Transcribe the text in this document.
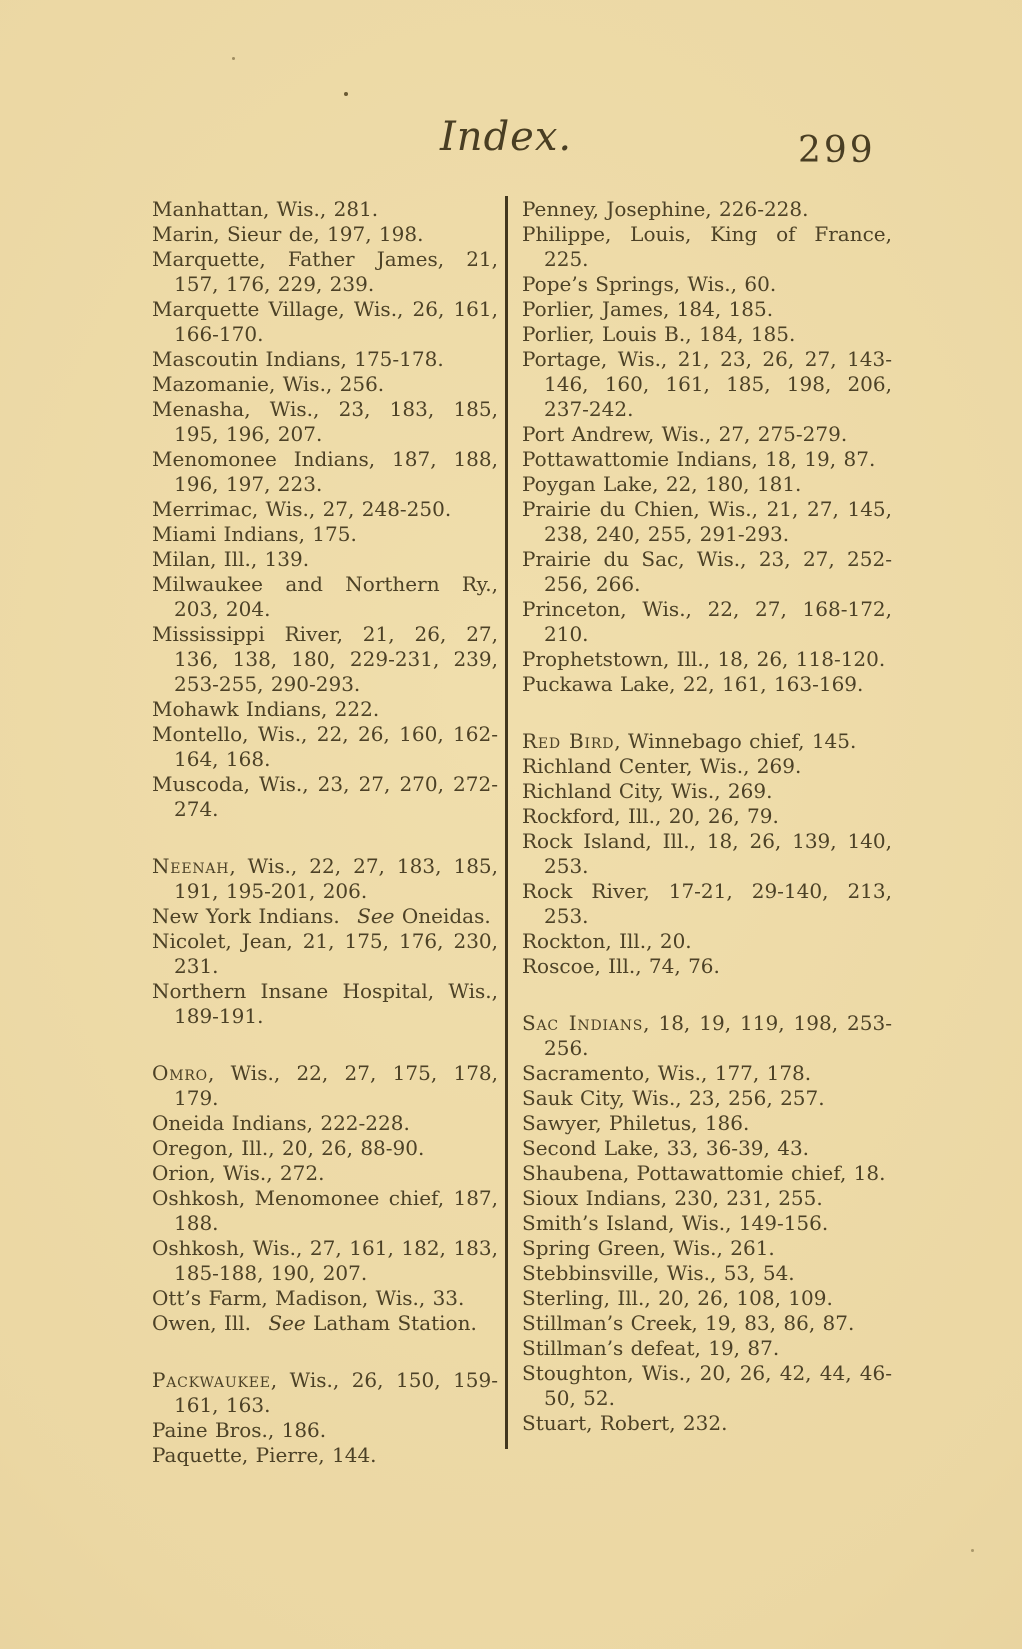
Index.	299
Manhattan, Wis., 281.
Marin, Sieur de, 197, 198.
Marquette, Father James, 21, 157, 176, 229, 239.
Marquette Village, Wis., 26, 161, 166-170.
Mascoutin Indians, 175-178.
Mazomanie, Wis., 256.
Menasha, Wis., 23, 183, 185, 195, 196, 207.
Menomonee Indians, 187, 188, 196, 197, 223.
Merrimac, Wis., 27, 248-250.
Miami Indians, 175.
Milan, Ill., 139.
Milwaukee and Northern Ry., 203, 204.
Mississippi River, 21, 26, 27, 136, 138, 180, 229-231, 239, 253-255, 290-293.
Mohawk Indians, 222.
Montello, Wis., 22, 26, 160, 162-164, 168.
Muscoda, Wis., 23, 27, 270, 272-274.
Neenah, Wis., 22, 27, 183, 185, 191, 195-201, 206.
New York Indians.  See Oneidas.
Nicolet, Jean, 21, 175, 176, 230, 231.
Northern Insane Hospital, Wis., 189-191.
Omro, Wis., 22, 27, 175, 178, 179.
Oneida Indians, 222-228.
Oregon, Ill., 20, 26, 88-90.
Orion, Wis., 272.
Oshkosh, Menomonee chief, 187, 188.
Oshkosh, Wis., 27, 161, 182, 183, 185-188, 190, 207.
Ott’s Farm, Madison, Wis., 33.
Owen, Ill.  See Latham Station.
Packwaukee, Wis., 26, 150, 159-161, 163.
Paine Bros., 186.
Paquette, Pierre, 144.
Penney, Josephine, 226-228.
Philippe, Louis, King of France, 225.
Pope’s Springs, Wis., 60.
Porlier, James, 184, 185.
Porlier, Louis B., 184, 185.
Portage, Wis., 21, 23, 26, 27, 143-146, 160, 161, 185, 198, 206, 237-242.
Port Andrew, Wis., 27, 275-279.
Pottawattomie Indians, 18, 19, 87.
Poygan Lake, 22, 180, 181.
Prairie du Chien, Wis., 21, 27, 145, 238, 240, 255, 291-293.
Prairie du Sac, Wis., 23, 27, 252-256, 266.
Princeton, Wis., 22, 27, 168-172, 210.
Prophetstown, Ill., 18, 26, 118-120.
Puckawa Lake, 22, 161, 163-169.
Red Bird, Winnebago chief, 145.
Richland Center, Wis., 269.
Richland City, Wis., 269.
Rockford, Ill., 20, 26, 79.
Rock Island, Ill., 18, 26, 139, 140, 253.
Rock River, 17-21, 29-140, 213, 253.
Rockton, Ill., 20.
Roscoe, Ill., 74, 76.
Sac Indians, 18, 19, 119, 198, 253-256.
Sacramento, Wis., 177, 178.
Sauk City, Wis., 23, 256, 257.
Sawyer, Philetus, 186.
Second Lake, 33, 36-39, 43.
Shaubena, Pottawattomie chief, 18.
Sioux Indians, 230, 231, 255.
Smith’s Island, Wis., 149-156.
Spring Green, Wis., 261.
Stebbinsville, Wis., 53, 54.
Sterling, Ill., 20, 26, 108, 109.
Stillman’s Creek, 19, 83, 86, 87.
Stillman’s defeat, 19, 87.
Stoughton, Wis., 20, 26, 42, 44, 46-50, 52.
Stuart, Robert, 232.
